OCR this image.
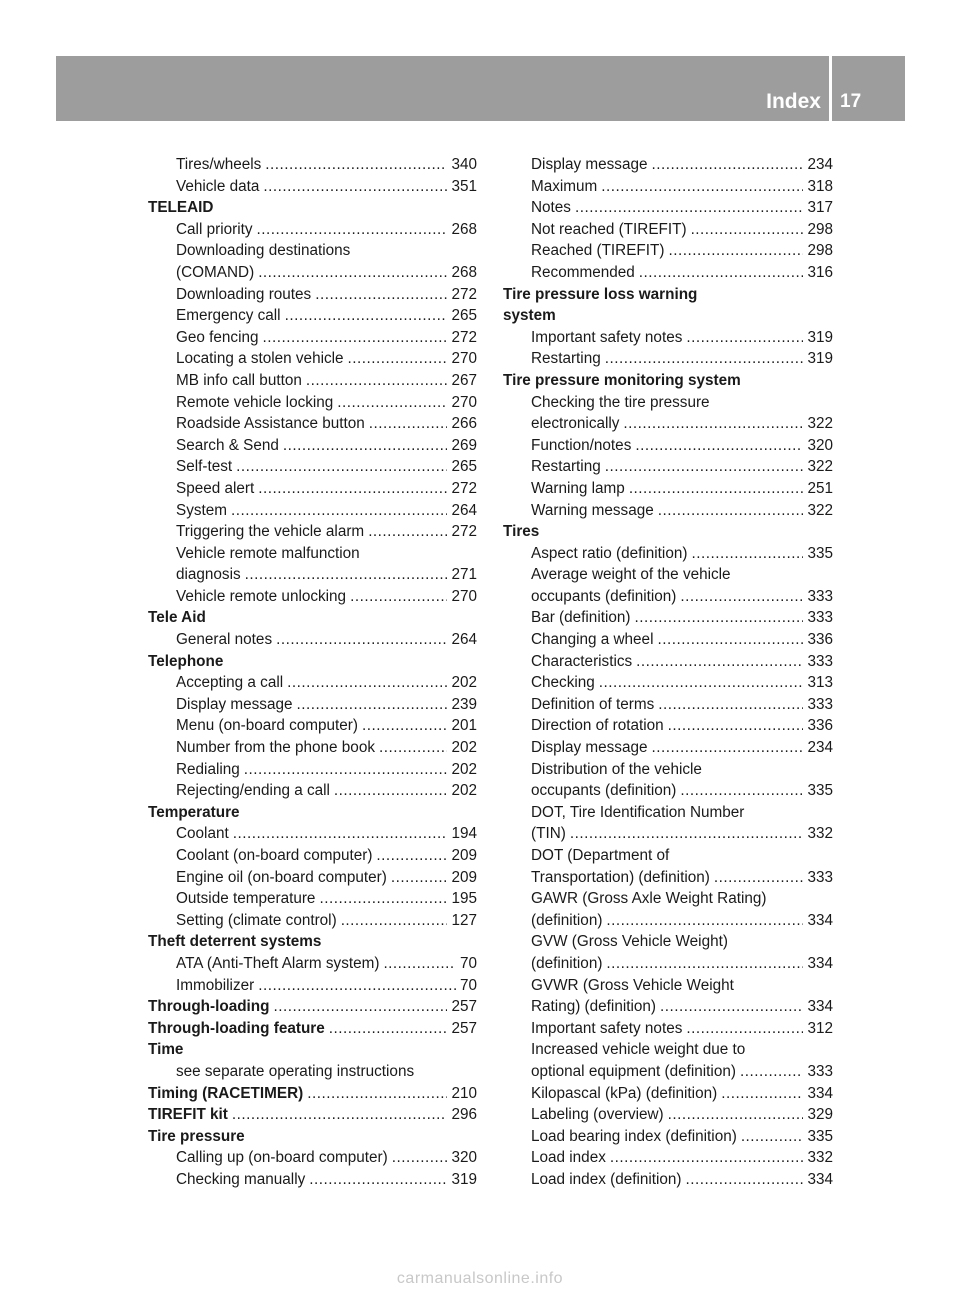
Index 17
Tires/wheels .....	340
Vehicle data .....	351
TELEAID
Call priority .....	268
Downloading destinations
(COMAND) .....	268
Downloading routes .....	272
Emergency call .....	265
Geo fencing .....	272
Locating a stolen vehicle .....	270
MB info call button .....	267
Remote vehicle locking .....	270
Roadside Assistance button .....	266
Search & Send .....	269
Self-test .....	265
Speed alert .....	272
System .....	264
Triggering the vehicle alarm .....	272
Vehicle remote malfunction
diagnosis .....	271
Vehicle remote unlocking .....	270
Tele Aid
General notes .....	264
Telephone
Accepting a call .....	202
Display message .....	239
Menu (on-board computer) .....	201
Number from the phone book .....	202
Redialing .....	202
Rejecting/ending a call .....	202
Temperature
Coolant .....	194
Coolant (on-board computer) .....	209
Engine oil (on-board computer) .....	209
Outside temperature .....	195
Setting (climate control) .....	127
Theft deterrent systems
ATA (Anti-Theft Alarm system) .....	70
Immobilizer .....	70
Through-loading .....	257
Through-loading feature .....	257
Time
see separate operating instructions
Timing (RACETIMER) .....	210
TIREFIT kit .....	296
Tire pressure
Calling up (on-board computer) .....	320
Checking manually .....	319
Display message .....	234
Maximum .....	318
Notes .....	317
Not reached (TIREFIT) .....	298
Reached (TIREFIT) .....	298
Recommended .....	316
Tire pressure loss warning
system
Important safety notes .....	319
Restarting .....	319
Tire pressure monitoring system
Checking the tire pressure
electronically .....	322
Function/notes .....	320
Restarting .....	322
Warning lamp .....	251
Warning message .....	322
Tires
Aspect ratio (definition) .....	335
Average weight of the vehicle
occupants (definition) .....	333
Bar (definition) .....	333
Changing a wheel .....	336
Characteristics .....	333
Checking .....	313
Definition of terms .....	333
Direction of rotation .....	336
Display message .....	234
Distribution of the vehicle
occupants (definition) .....	335
DOT, Tire Identification Number
(TIN) .....	332
DOT (Department of
Transportation) (definition) .....	333
GAWR (Gross Axle Weight Rating)
(definition) .....	334
GVW (Gross Vehicle Weight)
(definition) .....	334
GVWR (Gross Vehicle Weight
Rating) (definition) .....	334
Important safety notes .....	312
Increased vehicle weight due to
optional equipment (definition) .....	333
Kilopascal (kPa) (definition) .....	334
Labeling (overview) .....	329
Load bearing index (definition) .....	335
Load index .....	332
Load index (definition) .....	334
carmanualsonline.info
